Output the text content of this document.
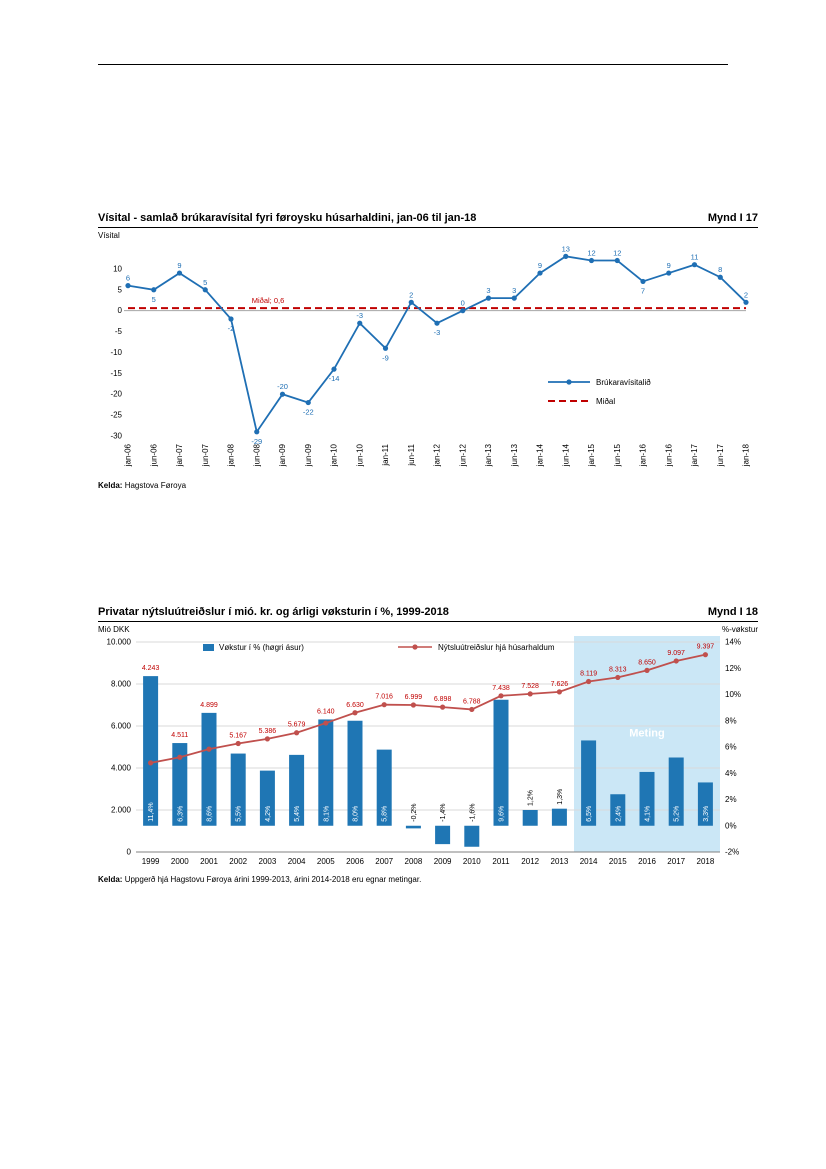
Vísital - samlað brúkaravísital fyri føroysku húsarhaldini, jan-06 til jan-18	Mynd I 17
Vísital
10
5
0
-5
-10
-15
-20
-25
-30
jan-06 jun-06 jan-07 jun-07 jan-08 jun-08 jan-09 jun-09 jan-10 jun-10 jan-11 jun-11 jan-12 jun-12 jan-13 jun-13 jan-14 jun-14 jan-15 jun-15 jan-16 jun-16 jan-17 jun-17 jan-18
Miðal; 0,6
6
5
9
5
-2
-29
-20
-22
-14
-3
-9
2
-3
0
3	3
9
13 12 12
7
9
11
8
2
Brúkaravísitalið
Miðal
Kelda: Hagstova Føroya
Privatar nýtsluútreiðslur í mió. kr. og árligi vøksturin í %, 1999-2018	Mynd I 18
Mió DKK	%-vøkstur
0
2.000
4.000
6.000
8.000
10.000
-2%
0%
2%
4%
6%
8%
10%
12%
14%
11,4%	6,3%	8,6%	5,5%	4,2%	5,4%	8,1%	8,0%	5,8%	-0,2%	-1,4%	-1,6%	9,6%
1,2%	1,3%
6,5%	2,4%	4,1%	5,2%	3,3%
4.243
4.511
4.899
5.167
5.386
5.679
6.140
6.630
7.016 6.999 6.898 6.788
7.438 7.528 7.626
8.119
8.313
8.650
9.097
9.397
Meting
Vøkstur í % (høgri ásur)	Nýtsluútreiðslur hjá húsarhaldum
1999 2000 2001 2002 2003 2004 2005 2006 2007 2008 2009 2010 2011 2012 2013 2014 2015 2016 2017 2018
Kelda: Uppgerð hjá Hagstovu Føroya árini 1999-2013, árini 2014-2018 eru egnar metingar.
